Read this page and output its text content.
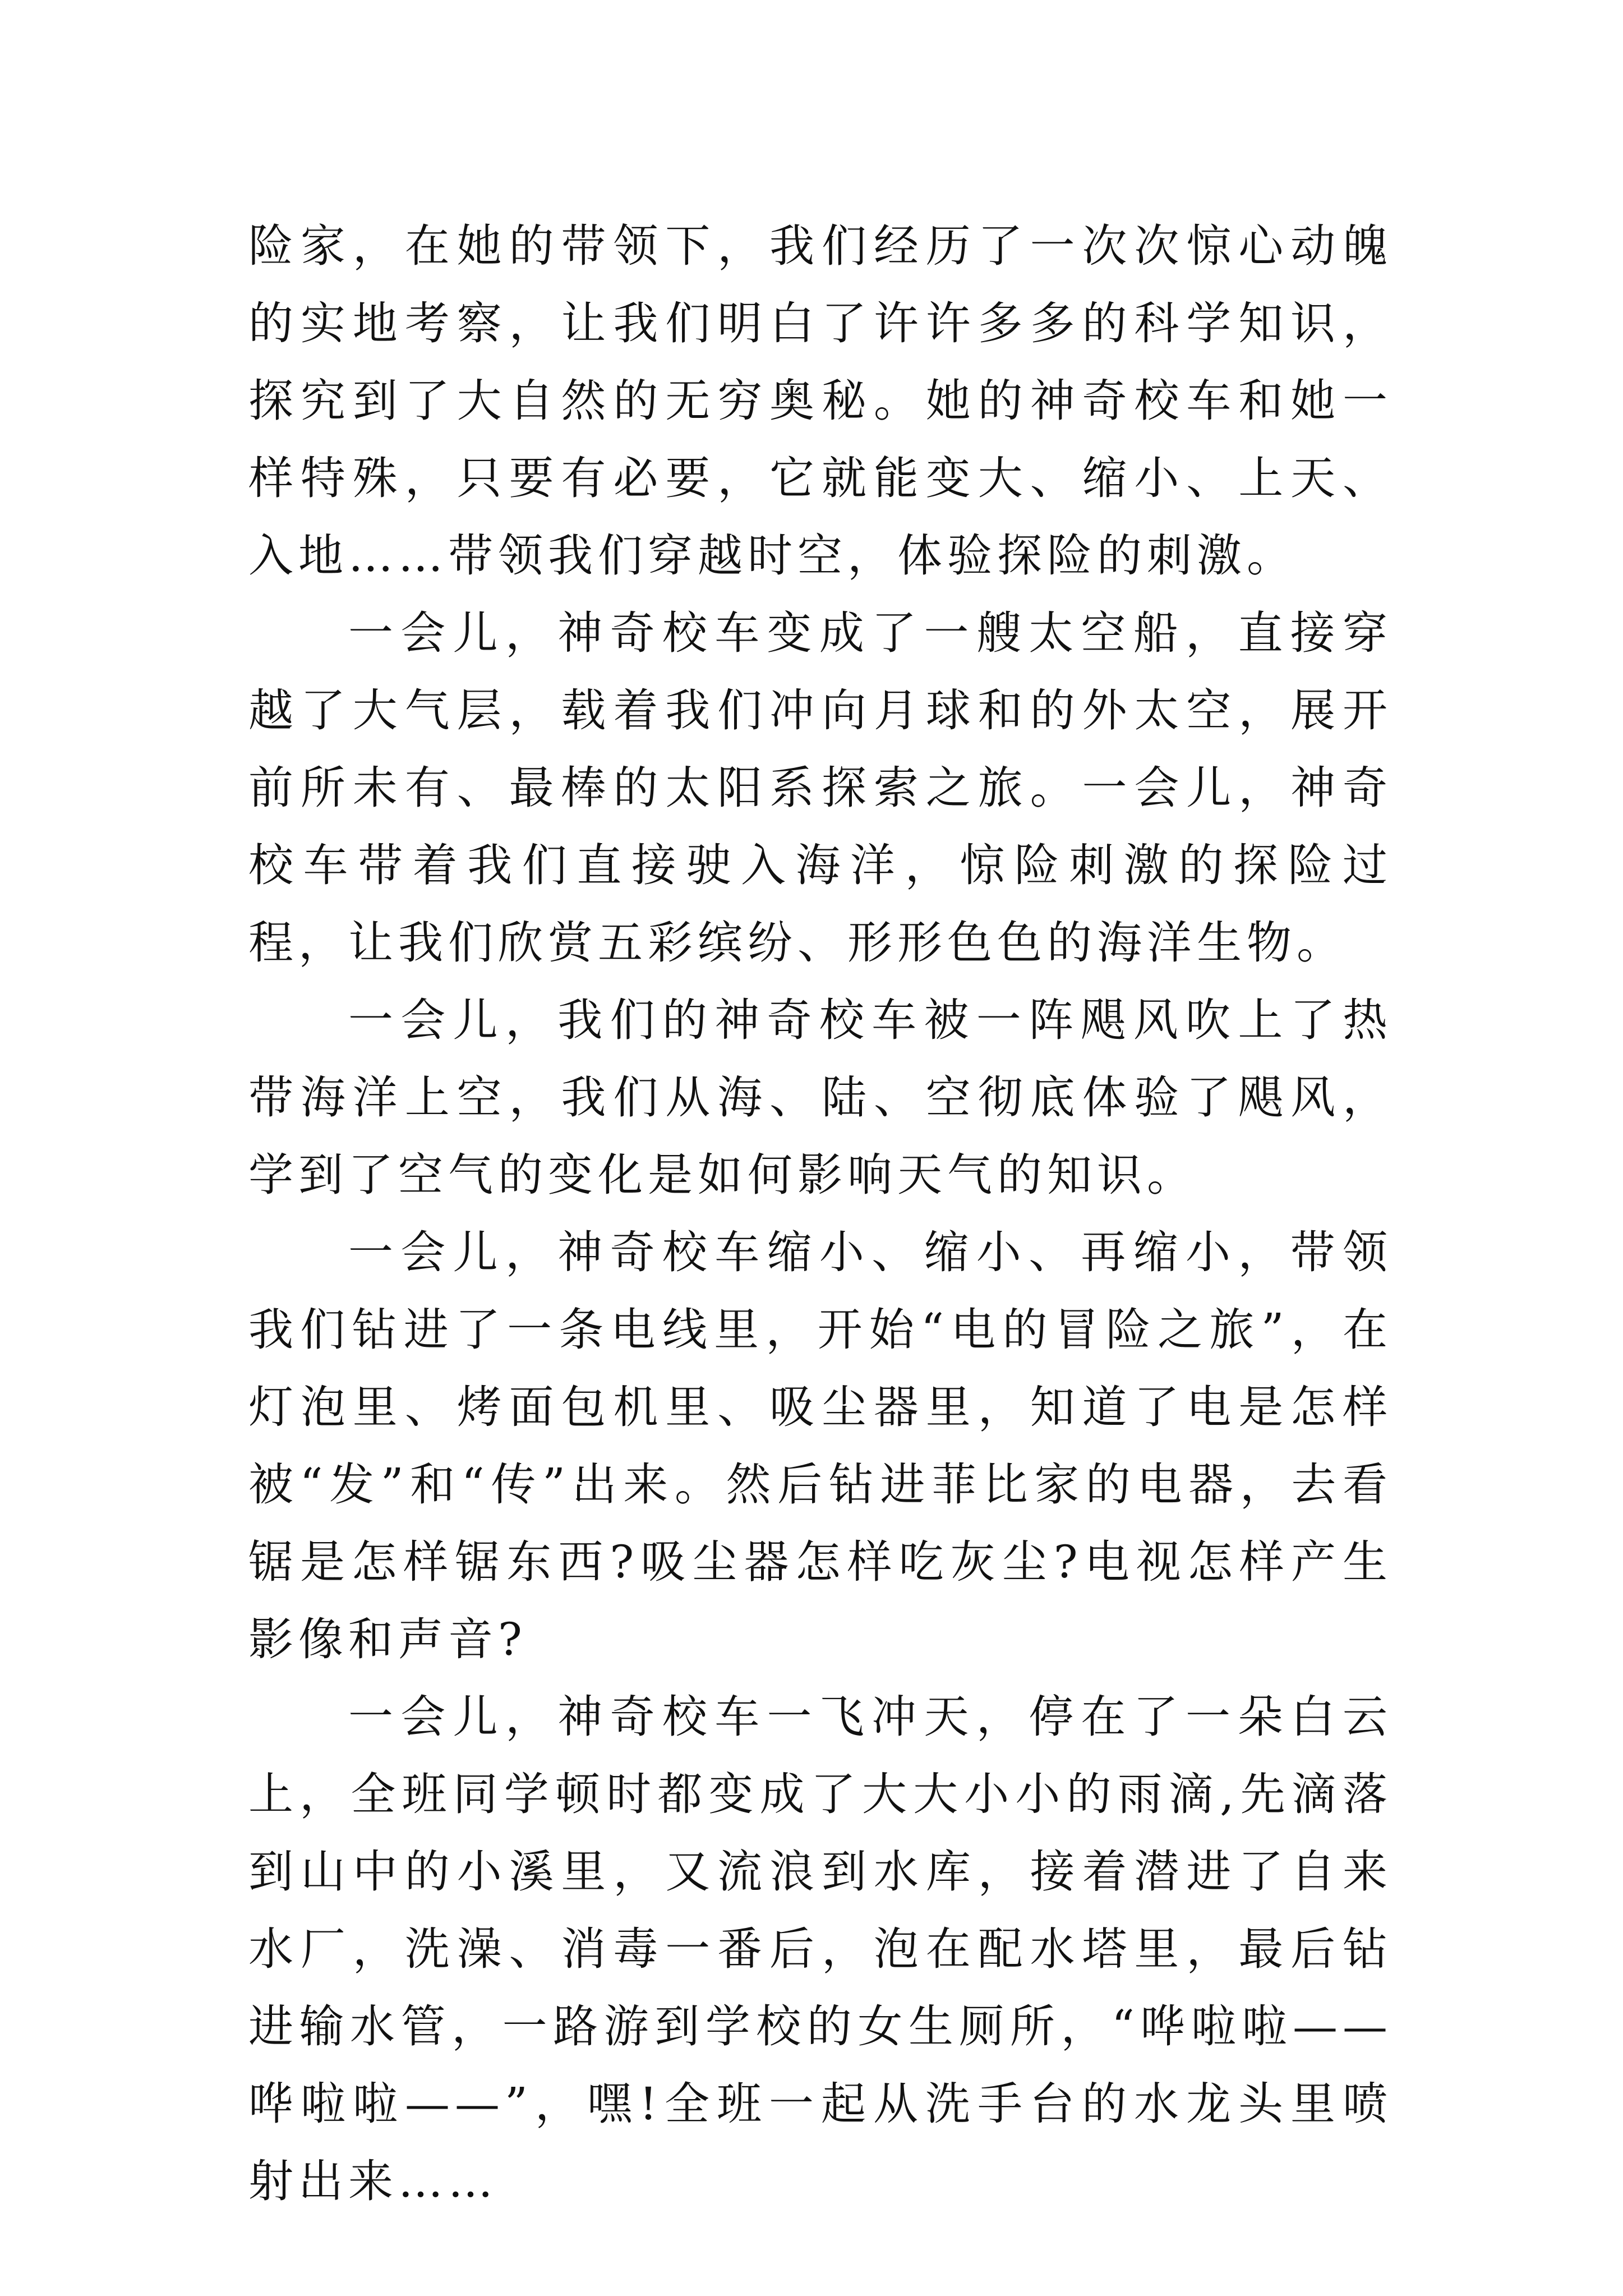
险家，在她的带领下，我们经历了一次次惊心动魄的实地考察，让我们明白了许许多多的科学知识，探究到了大自然的无穷奥秘。她的神奇校车和她一样特殊，只要有必要，它就能变大、缩小、上天、入地……带领我们穿越时空，体验探险的刺激。

一会儿，神奇校车变成了一艘太空船，直接穿越了大气层，载着我们冲向月球和的外太空，展开前所未有、最棒的太阳系探索之旅。一会儿，神奇校车带着我们直接驶入海洋，惊险刺激的探险过程，让我们欣赏五彩缤纷、形形色色的海洋生物。

一会儿，我们的神奇校车被一阵飓风吹上了热带海洋上空，我们从海、陆、空彻底体验了飓风，学到了空气的变化是如何影响天气的知识。

一会儿，神奇校车缩小、缩小、再缩小，带领我们钻进了一条电线里，开始“电的冒险之旅”，在灯泡里、烤面包机里、吸尘器里，知道了电是怎样被“发”和“传”出来。然后钻进菲比家的电器，去看锯是怎样锯东西?吸尘器怎样吃灰尘?电视怎样产生影像和声音?

一会儿，神奇校车一飞冲天，停在了一朵白云上，全班同学顿时都变成了大大小小的雨滴,先滴落到山中的小溪里，又流浪到水库，接着潜进了自来水厂，洗澡、消毒一番后，泡在配水塔里，最后钻进输水管，一路游到学校的女生厕所，“哗啦啦——哗啦啦——”，嘿!全班一起从洗手台的水龙头里喷射出来……
